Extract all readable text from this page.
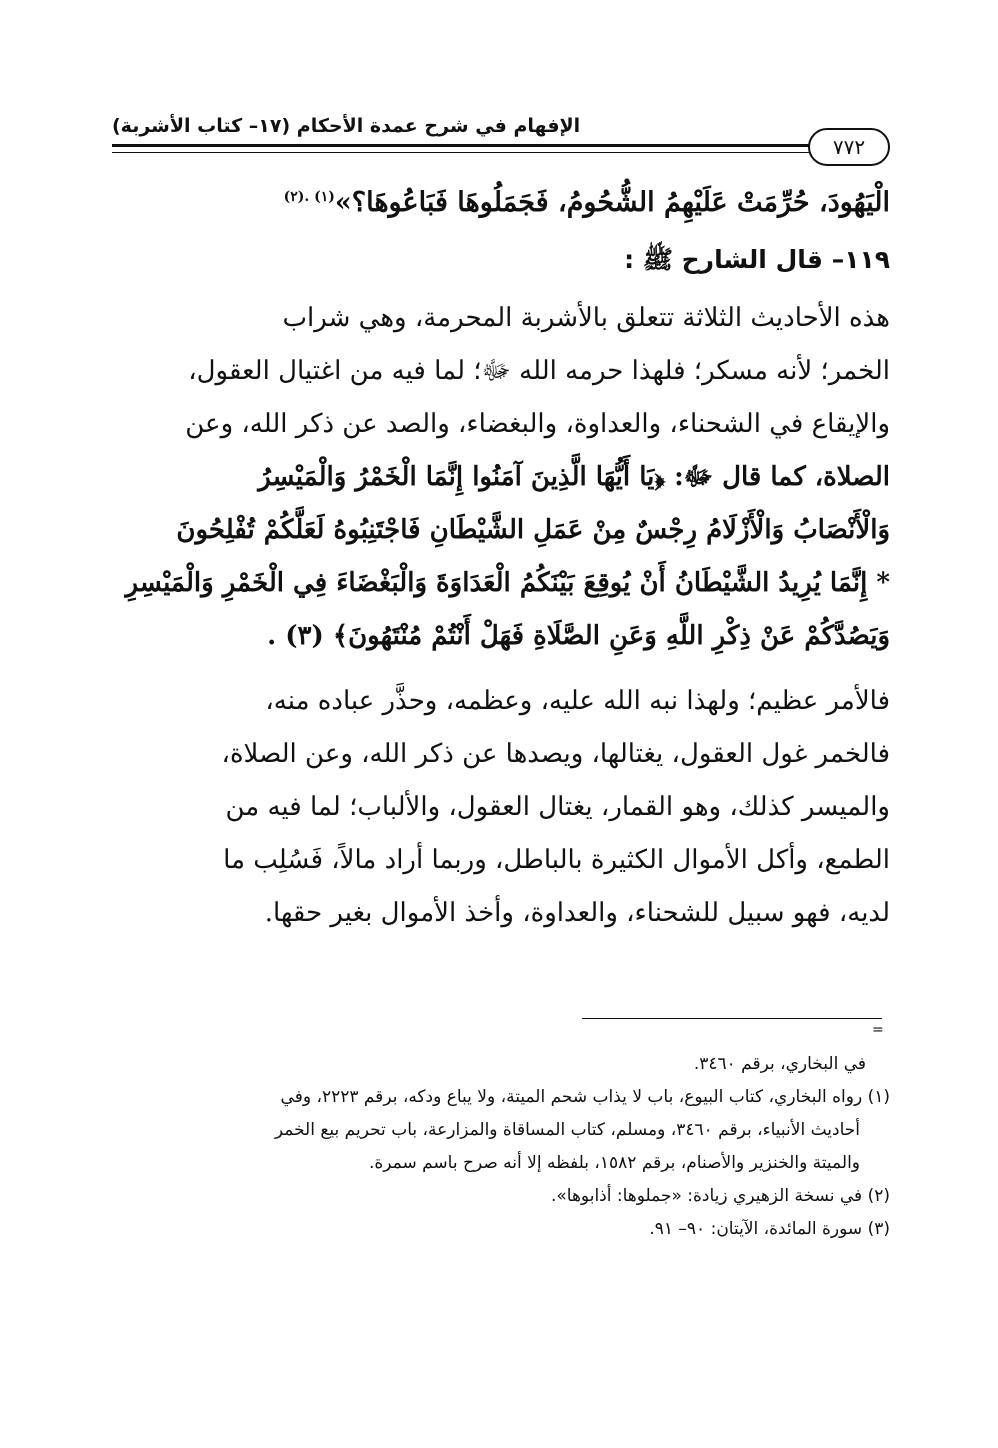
الإفهام في شرح عمدة الأحكام (١٧– كتاب الأشربة)
٧٧٢
الْيَهُودَ، حُرِّمَتْ عَلَيْهِمُ الشُّحُومُ، فَجَمَلُوهَا فَبَاعُوهَا؟»$^{(١) .(٢)}$
١١٩– قال الشارح ﷺ :

هذه الأحاديث الثلاثة تتعلق بالأشربة المحرمة، وهي شراب
الخمر؛ لأنه مسكر؛ فلهذا حرمه الله ﷻ؛ لما فيه من اغتيال العقول،
والإيقاع في الشحناء، والعداوة، والبغضاء، والصد عن ذكر الله، وعن
الصلاة، كما قال ﷻ: ﴿يَا أَيُّهَا الَّذِينَ آمَنُوا إِنَّمَا الْخَمْرُ وَالْمَيْسِرُ
وَالْأَنْصَابُ وَالْأَزْلَامُ رِجْسٌ مِنْ عَمَلِ الشَّيْطَانِ فَاجْتَنِبُوهُ لَعَلَّكُمْ تُفْلِحُونَ
* إِنَّمَا يُرِيدُ الشَّيْطَانُ أَنْ يُوقِعَ بَيْنَكُمُ الْعَدَاوَةَ وَالْبَغْضَاءَ فِي الْخَمْرِ وَالْمَيْسِرِ
وَيَصُدَّكُمْ عَنْ ذِكْرِ اللَّهِ وَعَنِ الصَّلَاةِ فَهَلْ أَنْتُمْ مُنْتَهُونَ﴾ (٣) .

فالأمر عظيم؛ ولهذا نبه الله عليه، وعظمه، وحذَّر عباده منه،
فالخمر غول العقول، يغتالها، ويصدها عن ذكر الله، وعن الصلاة،
والميسر كذلك، وهو القمار، يغتال العقول، والألباب؛ لما فيه من
الطمع، وأكل الأموال الكثيرة بالباطل، وربما أراد مالاً، فَسُلِب ما
لديه، فهو سبيل للشحناء، والعداوة، وأخذ الأموال بغير حقها.

=

في البخاري، برقم ٣٤٦٠.

(١) رواه البخاري، كتاب البيوع، باب لا يذاب شحم الميتة، ولا يباع ودكه، برقم ٢٢٢٣، وفي
أحاديث الأنبياء، برقم ٣٤٦٠، ومسلم، كتاب المساقاة والمزارعة، باب تحريم بيع الخمر
والميتة والخنزير والأصنام، برقم ١٥٨٢، بلفظه إلا أنه صرح باسم سمرة.

(٢) في نسخة الزهيري زيادة: «جملوها: أذابوها».

(٣) سورة المائدة، الآيتان: ٩٠– ٩١.
